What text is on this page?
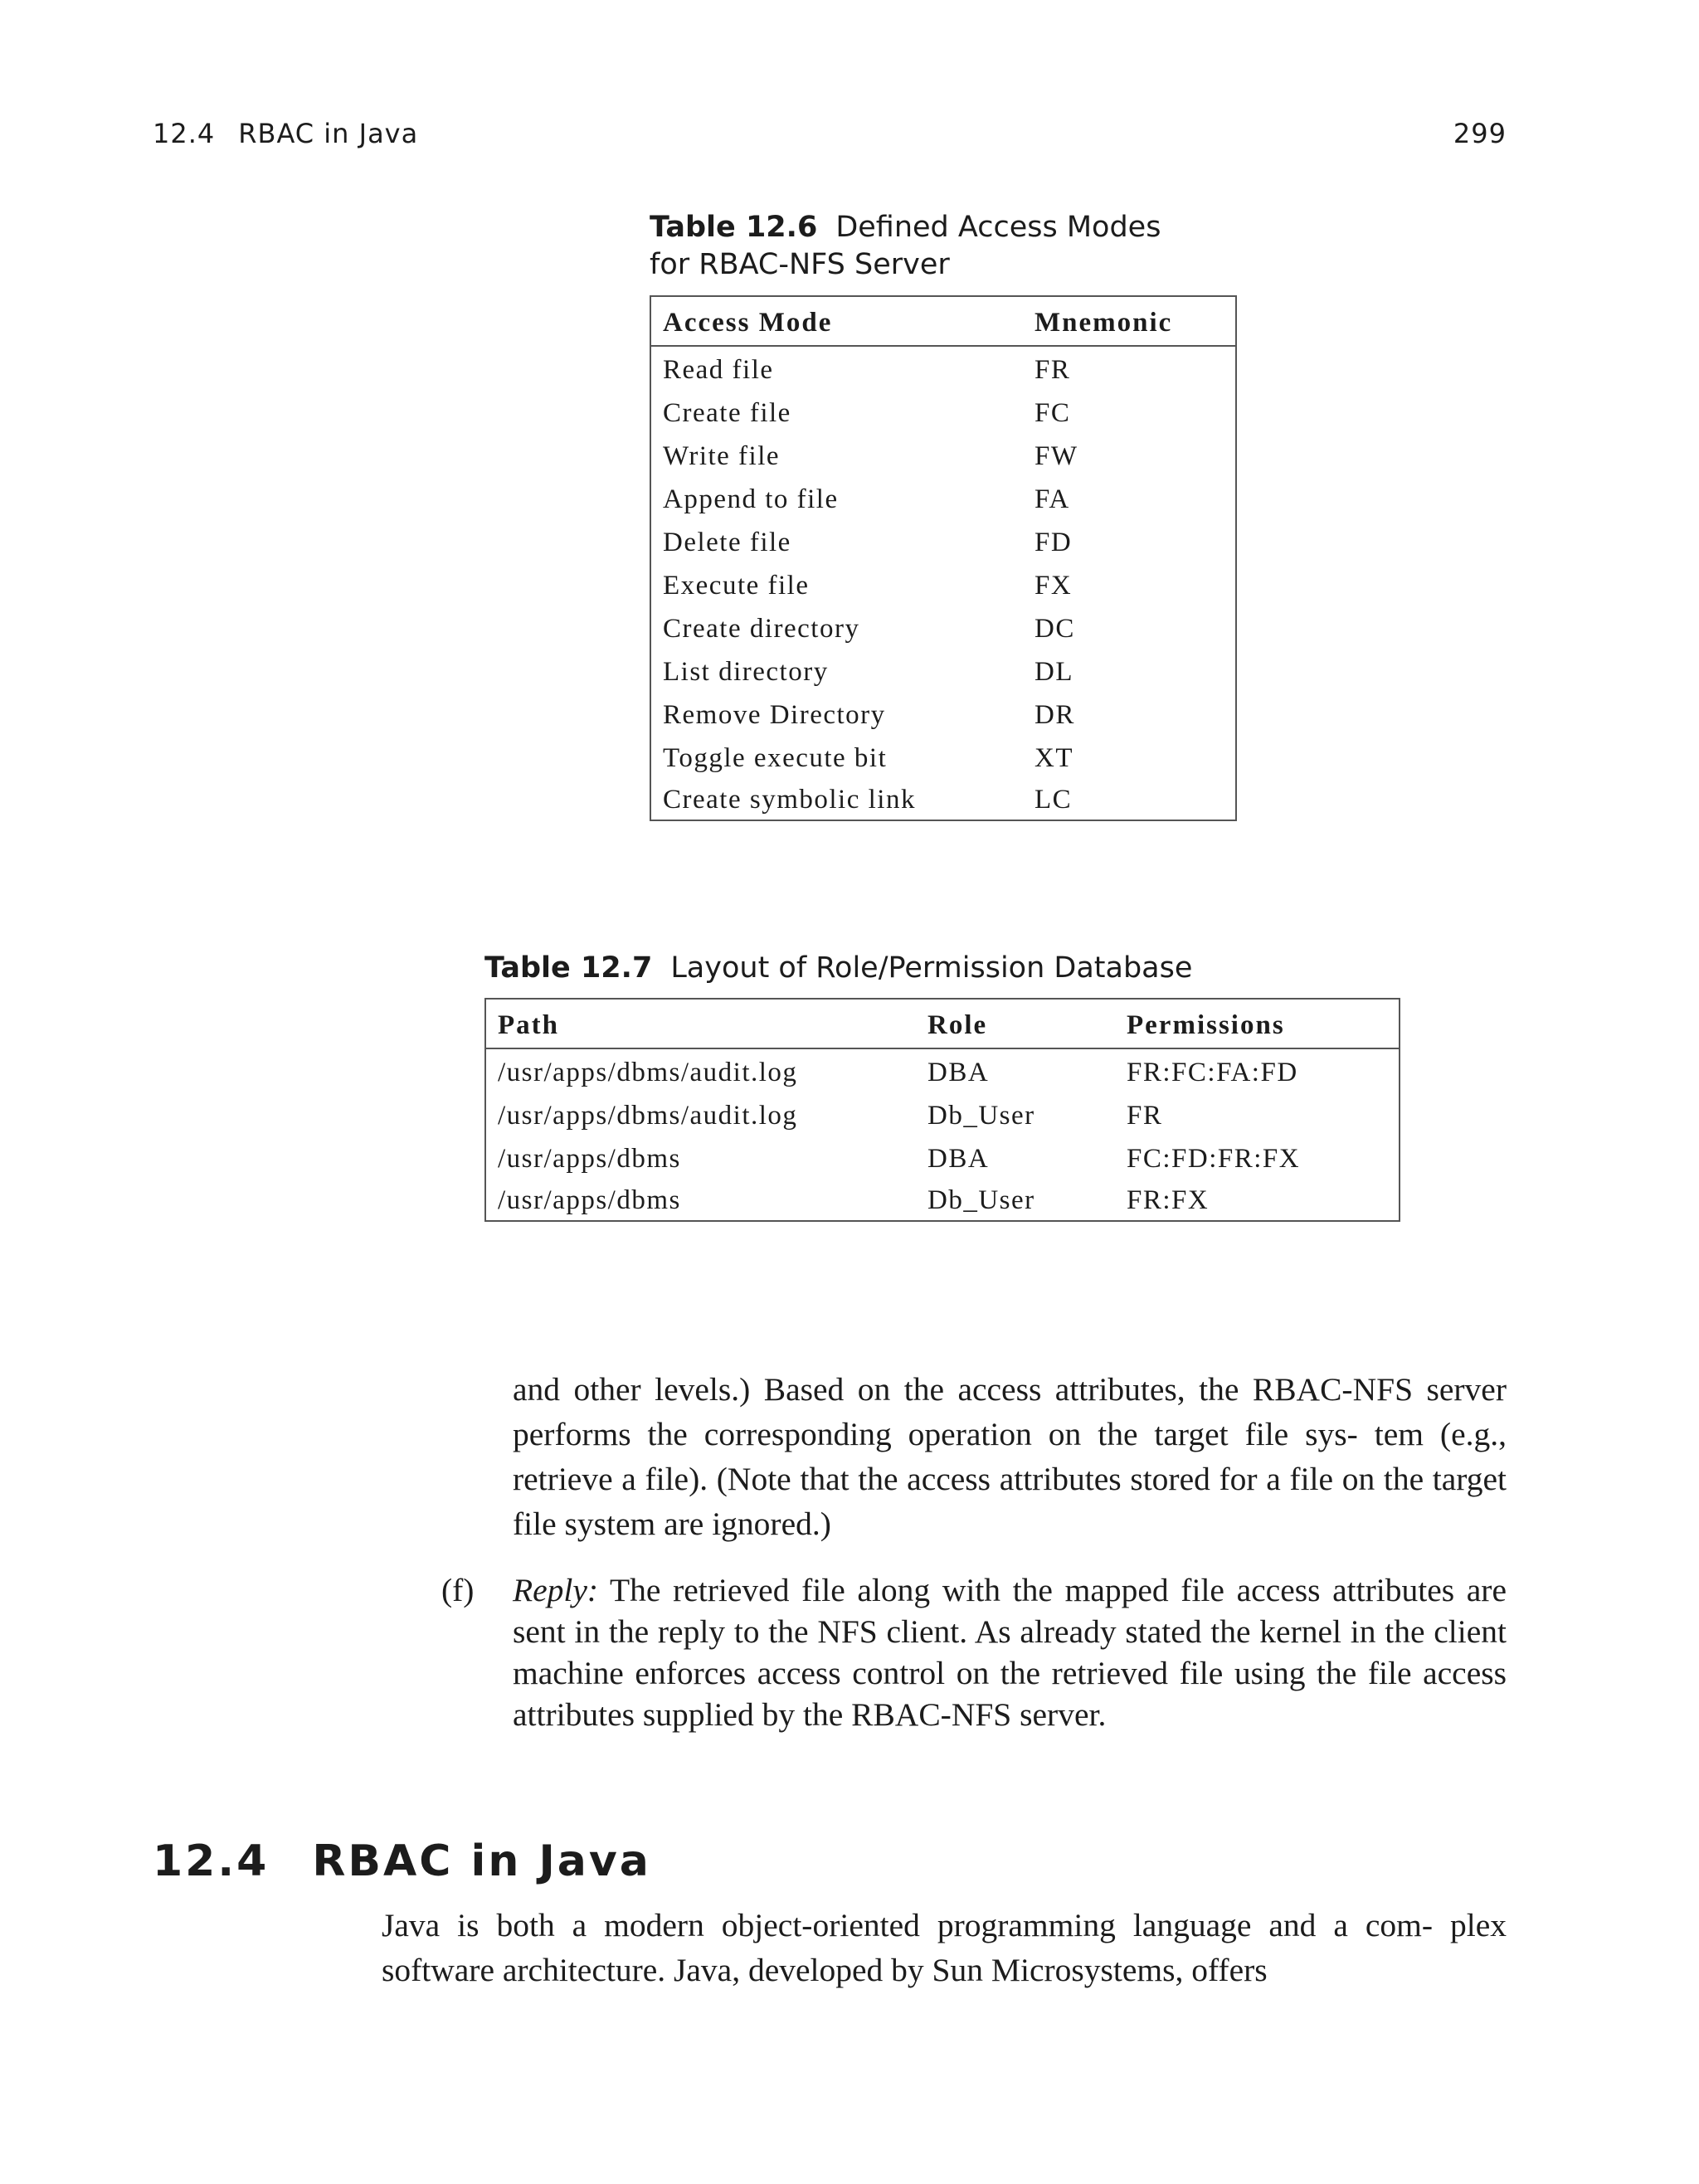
12.4 RBAC in Java	299
Table 12.6 Defined Access Modes
for RBAC-NFS Server
Access Mode	Mnemonic
Read file	FR
Create file	FC
Write file	FW
Append to file	FA
Delete file	FD
Execute file	FX
Create directory	DC
List directory	DL
Remove Directory	DR
Toggle execute bit	XT
Create symbolic link	LC
Table 12.7 Layout of Role/Permission Database
Path	Role	Permissions
/usr/apps/dbms/audit.log	DBA	FR:FC:FA:FD
/usr/apps/dbms/audit.log	Db_User	FR
/usr/apps/dbms	DBA	FC:FD:FR:FX
/usr/apps/dbms	Db_User	FR:FX

and other levels.) Based on the access attributes, the RBAC-NFS server performs the corresponding operation on the target file sys- tem (e.g., retrieve a file). (Note that the access attributes stored for a file on the target file system are ignored.)

(f) Reply: The retrieved file along with the mapped file access attributes are sent in the reply to the NFS client. As already stated the kernel in the client machine enforces access control on the retrieved file using the file access attributes supplied by the RBAC-NFS server.

12.4 RBAC in Java

Java is both a modern object-oriented programming language and a com- plex software architecture. Java, developed by Sun Microsystems, offers
